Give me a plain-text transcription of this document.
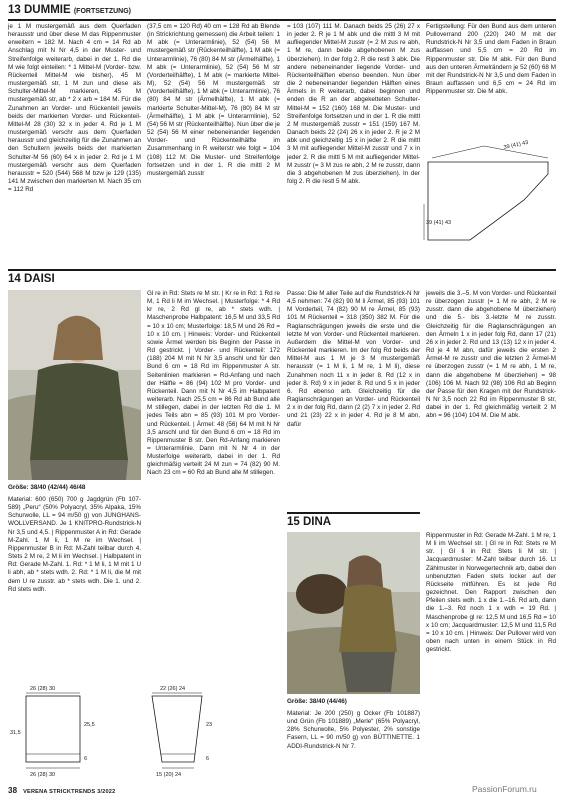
13 DUMMIE (FORTSETZUNG)
je 1 M mustergemäß aus dem Querfaden herausstr und über diese M das Rippenmuster erweitern = 182 M. Nach 4 cm = 14 Rd ab Anschlag mit N Nr 4,5 in der Muster- und Streifenfolge weiterarb, dabei in der 1. Rd die M wie folgt einteilen: * 1 Mittel-M (Vorder- bzw. Rückenteil Mittel-M wie bisher), 45 M mustergemäß str, 1 M zun und diese als Schulter-Mittel-M markieren, 45 M mustergemäß str, ab * 2 x arb = 184 M. Für die Zunahmen an Vorder- und Rückenteil jeweils beids der markierten Vorder- und Rückenteil-Mittel-M 28 (30) 32 x in jeder 4. Rd je 1 M mustergemäß verschr aus dem Querfaden herausstr und gleichzeitig für die Zunahmen an den Schultern jeweils beids der markierten Schulter-M 56 (60) 64 x in jeder 2. Rd je 1 M mustergemäß verschr aus dem Querfaden herausstr = 520 (544) 568 M bzw je 129 (135) 141 M zwischen den markierten M. Nach 35 cm = 112 Rd
(37,5 cm = 120 Rd) 40 cm = 128 Rd ab Blende (in Strickrichtung gemessen) die Arbeit teilen: 1 M abk (= Unterarmlinie), 52 (54) 56 M mustergemäß str (Rückenteilhälfte), 1 M abk (= Unterarmlinie), 76 (80) 84 M str (Ärmelhälfte), 1 M abk (= Unterarmlinie), 52 (54) 56 M str (Vorderteilhälfte), 1 M abk (= markierte Mittel-M), 52 (54) 56 M mustergemäß str (Vorderteilhälfte), 1 M abk (= Unterarmlinie), 76 (80) 84 M str (Ärmelhälfte), 1 M abk (= markierte Schulter-Mittel-M), 76 (80) 84 M str (Ärmelhälfte), 1 M abk (= Unterarmlinie), 52 (54) 56 M str (Rückenteilhälfte). Nun über die je 52 (54) 56 M einer nebeneinander liegenden Vorder- und Rückenteilhälfte im Zusammenhang in R weiterstr wie folgt = 104 (108) 112 M: Die Muster- und Streifenfolge fortsetzen und in der 1. R die mittl 2 M mustergemäß zusstr
= 103 (107) 111 M. Danach beids 25 (26) 27 x in jeder 2. R je 1 M abk und die mittl 3 M mit aufliegender Mittel-M zusstr (= 2 M zus re abh, 1 M re, dann beide abgehobenen M zus überziehen). In der folg 2. R die restl 3 abk. Die andere nebeneinander liegende Vorder- und Rückenteilhälften ebenso beenden. Nun über die 2 nebeneinander liegenden Hälften eines Ärmels in R weiterarb, dabei beginnen und enden die R an der abgeketteten Schulter-Mittel-M = 152 (160) 168 M. Die Muster- und Streifenfolge fortsetzen und in der 1. R die mittl 2 M mustergemäß zusstr = 151 (159) 167 M. Danach beids 22 (24) 26 x in jeder 2. R je 2 M abk und gleichzeitig 15 x in jeder 2. R die mittl 3 M mit aufliegender Mittel-M zusstr und 7 x in jeder 2. R die mittl 5 M mit aufliegender Mittel-M zusstr (= 3 M zus re abh, 2 M re zusstr, dann die 3 abgehobenen M zus überziehen). In der folg 2. R die restl 5 M abk.
Fertigstellung: Für den Bund aus dem unteren Pulloverrand 200 (220) 240 M mit der Rundstrick-N Nr 3,5 und dem Faden in Braun auffassen und 5,5 cm = 20 Rd im Rippenmuster str. Die M abk. Für den Bund aus den unteren Ärmelrändern je 52 (60) 68 M mit der Rundstrick-N Nr 3,5 und dem Faden in Braun auffassen und 6,5 cm = 24 Rd im Rippenmuster str. Die M abk.
39 (41) 43
39 (41) 43
14 DAISI
Größe: 38/40 (42/44) 46/48
Material: 600 (650) 700 g Jagdgrün (Fb 107-589) „Peru“ (50% Polyacryl, 35% Alpaka, 15% Schurwolle, LL = 94 m/50 g) von JUNGHANS-WOLLVERSAND. Je 1 KNITPRO-Rundstrick-N Nr 3,5 und 4,5. | Rippenmuster A in Rd: Gerade M-Zahl. 1 M li, 1 M re im Wechsel. | Rippenmuster B in Rd: M-Zahl teilbar durch 4. Stets 2 M re, 2 M li im Wechsel. | Halbpatent in Rd: Gerade M-Zahl. 1. Rd: * 1 M li, 1 M mit 1 U li abh, ab * stets wdh. 2. Rd: * 1 M li, die M mit dem U re zusstr. ab * stets wdh. Die 1. und 2. Rd stets wdh.
Gl re in Rd: Stets re M str. | Kr re in Rd: 1 Rd re M, 1 Rd li M im Wechsel. | Musterfolge: * 4 Rd kr re, 2 Rd gl re, ab * stets wdh. | Maschenprobe Halbpatent: 16,5 M und 33,5 Rd = 10 x 10 cm; Musterfolge: 18,5 M und 26 Rd = 10 x 10 cm. | Hinweis: Vorder- und Rückenteil sowie Ärmel werden bis Beginn der Passe in Rd gestrickt. | Vorder- und Rückenteil: 172 (188) 204 M mit N Nr 3,5 anschl und für den Bund 6 cm = 18 Rd im Rippenmuster A str. Seitenlinien markieren = Rd-Anfang und nach der Hälfte = 86 (94) 102 M pro Vorder- und Rückenteil. Dann mit N Nr 4,5 im Halbpatent weiterarb. Nach 25,5 cm = 86 Rd ab Bund alle M stillegen, dabei in der letzten Rd die 1. M jedes Teils abn = 85 (93) 101 M pro Vorder- und Rückenteil. | Ärmel: 48 (56) 64 M mit N Nr 3,5 anschl und für den Bund 6 cm = 18 Rd im Rippenmuster B str. Den Rd-Anfang markieren = Unterarmlinie. Dann mit N Nr 4 in der Musterfolge weiterarb, dabei in der 1. Rd gleichmäßig verteilt 24 M zun = 74 (82) 90 M. Nach 23 cm = 60 Rd ab Bund alle M stillegen.
Passe: Die M aller Teile auf die Rundstrick-N Nr 4,5 nehmen: 74 (82) 90 M li Ärmel, 85 (93) 101 M Vorderteil, 74 (82) 90 M re Ärmel, 85 (93) 101 M Rückenteil = 318 (350) 382 M. Für die Raglanschrägungen jeweils die erste und die letzte M von Vorder- und Rückenteil markieren. Außerdem die Mittel-M von Vorder- und Rückenteil markieren. Im der folg Rd beids der Mittel-M aus 1 M je 3 M mustergemäß herausstr (= 1 M li, 1 M re, 1 M li), diese Zunahmen noch 11 x in jeder 8. Rd (12 x in jeder 8. Rd) 9 x in jeder 8. Rd und 5 x in jeder 6. Rd ebenso arb. Gleichzeitig für die Raglanschrägungen an Vorder- und Rückenteil 2 x in der folg Rd, dann (2 (2) 7 x in jeder 2. Rd und 21 (23) 22 x in jeder 4. Rd je 8 M abn, dafür
jeweils die 3.–5. M von Vorder- und Rückenteil re überzogen zusstr (= 1 M re abh, 2 M re zusstr. dann die abgehobene M überziehen) und die 5.- bis 3.-letzte M re zusstr. Gleichzeitig für die Raglanschrägungen an den Ärmeln 1 x in jeder folg Rd, dann 17 (21) 26 x in jeder 2. Rd und 13 (13) 12 x in jeder 4. Rd je 4 M abn, dafür jeweils die ersten 2 Ärmel-M re zusstr und die letzten 2 Ärmel-M re überzogen zusstr (= 1 M re abh, 1 M re, dann die abgehobene M überziehen) = 98 (106) 106 M. Nach 92 (98) 106 Rd ab Beginn der Passe für den Kragen mit der Rundstrick-N Nr 3,5 noch 22 Rd im Rippenmuster B str, dabei in der 1. Rd gleichmäßig verteilt 2 M abn = 96 (104) 104 M. Die M abk.
26 (28) 30
31,5
25,5
6
26 (28) 30
22 (26) 24
23
6
15 (20) 24
15 DINA
Größe: 38/40 (44/46)
Material: Je 200 (250) g Ocker (Fb 101887) und Grün (Fb 101889) „Merle“ (65% Polyacryl, 28% Schurwolle, 5% Polyester, 2% sonstige Fasern, LL = 90 m/50 g) von BÜTTINETTE. 1 ADDI-Rundstrick-N Nr 7.
Rippenmuster in Rd: Gerade M-Zahl. 1 M re, 1 M li im Wechsel str. | Gl re in Rd: Stets re M str. | Gl li in Rd: Stets li M str. | Jacquardmuster: M-Zahl teilbar durch 16. Lt Zählmuster in Norwegertechnik arb, dabei den unbenutzten Faden stets locker auf der Rückseite mitführen. Es ist jede Rd gezeichnet. Den Rapport zwischen den Pfeilen stets wdh. 1 x die 1.–16. Rd arb, dann die 1.–3. Rd noch 1 x wdh = 19 Rd. | Maschenprobe gl re: 12,5 M und 16,5 Rd = 10 x 10 cm; Jacquardmuster: 12,5 M und 11,5 Rd = 10 x 10 cm. | Hinweis: Der Pullover wird von oben nach unten in einem Stück in Rd gestrickt.
38 VERENA STRICKTRENDS 3/2022	PassionForum.ru
